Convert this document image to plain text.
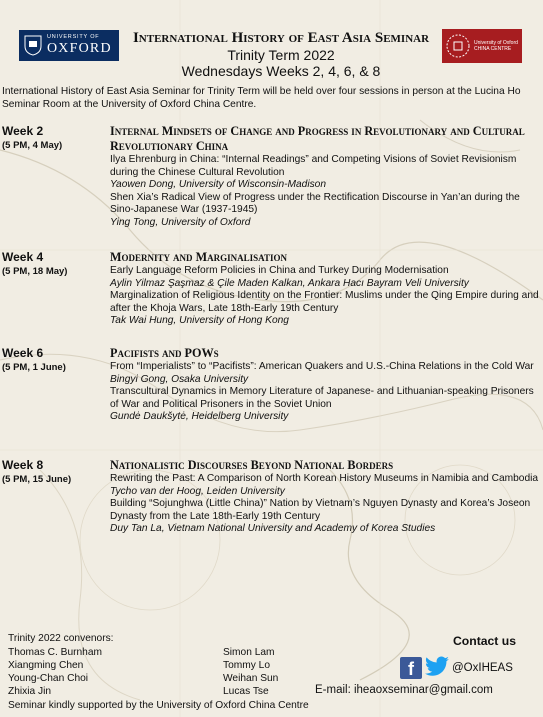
UNIVERSITY OF
OXFORD
International History of East Asia Seminar
Trinity Term 2022
Wednesdays Weeks 2, 4, 6, & 8
University of Oxford
CHINA CENTRE
International History of East Asia Seminar for Trinity Term will be held over four sessions in person at the Lucina Ho Seminar Room at the University of Oxford China Centre.
Week 2
(5 PM, 4 May)
Internal Mindsets of Change and Progress in Revolutionary and Cultural Revolutionary China
Ilya Ehrenburg in China: “Internal Readings” and Competing Visions of Soviet Revisionism during the Chinese Cultural Revolution
Yaowen Dong, University of Wisconsin-Madison
Shen Xia’s Radical View of Progress under the Rectification Discourse in Yan’an during the Sino-Japanese War (1937-1945)
Ying Tong, University of Oxford
Week 4
(5 PM, 18 May)
Modernity and Marginalisation
Early Language Reform Policies in China and Turkey During Modernisation
Aylin Yilmaz Şaşmaz & Çile Maden Kalkan, Ankara Hacı Bayram Veli University
Marginalization of Religious Identity on the Frontier: Muslims under the Qing Empire during and after the Khoja Wars, Late 18th-Early 19th Century
Tak Wai Hung, University of Hong Kong
Week 6
(5 PM, 1 June)
Pacifists and POWs
From “Imperialists” to “Pacifists”: American Quakers and U.S.-China Relations in the Cold War
Bingyi Gong, Osaka University
Transcultural Dynamics in Memory Literature of Japanese- and Lithuanian-speaking Prisoners of War and Political Prisoners in the Soviet Union
Gundė Daukšytė, Heidelberg University
Week 8
(5 PM, 15 June)
Nationalistic Discourses Beyond National Borders
Rewriting the Past: A Comparison of North Korean History Museums in Namibia and Cambodia
Tycho van der Hoog, Leiden University
Building “Sojunghwa (Little China)” Nation by Vietnam’s Nguyen Dynasty and Korea’s Joseon Dynasty from the Late 18th-Early 19th Century
Duy Tan La, Vietnam National University and Academy of Korea Studies
Trinity 2022 convenors:
Thomas C. Burnham
Xiangming Chen
Young-Chan Choi
Zhixia Jin
Simon Lam
Tommy Lo
Weihan Sun
Lucas Tse
Contact us
f	@OxIHEAS
E-mail: iheaoxseminar@gmail.com
Seminar kindly supported by the University of Oxford China Centre
